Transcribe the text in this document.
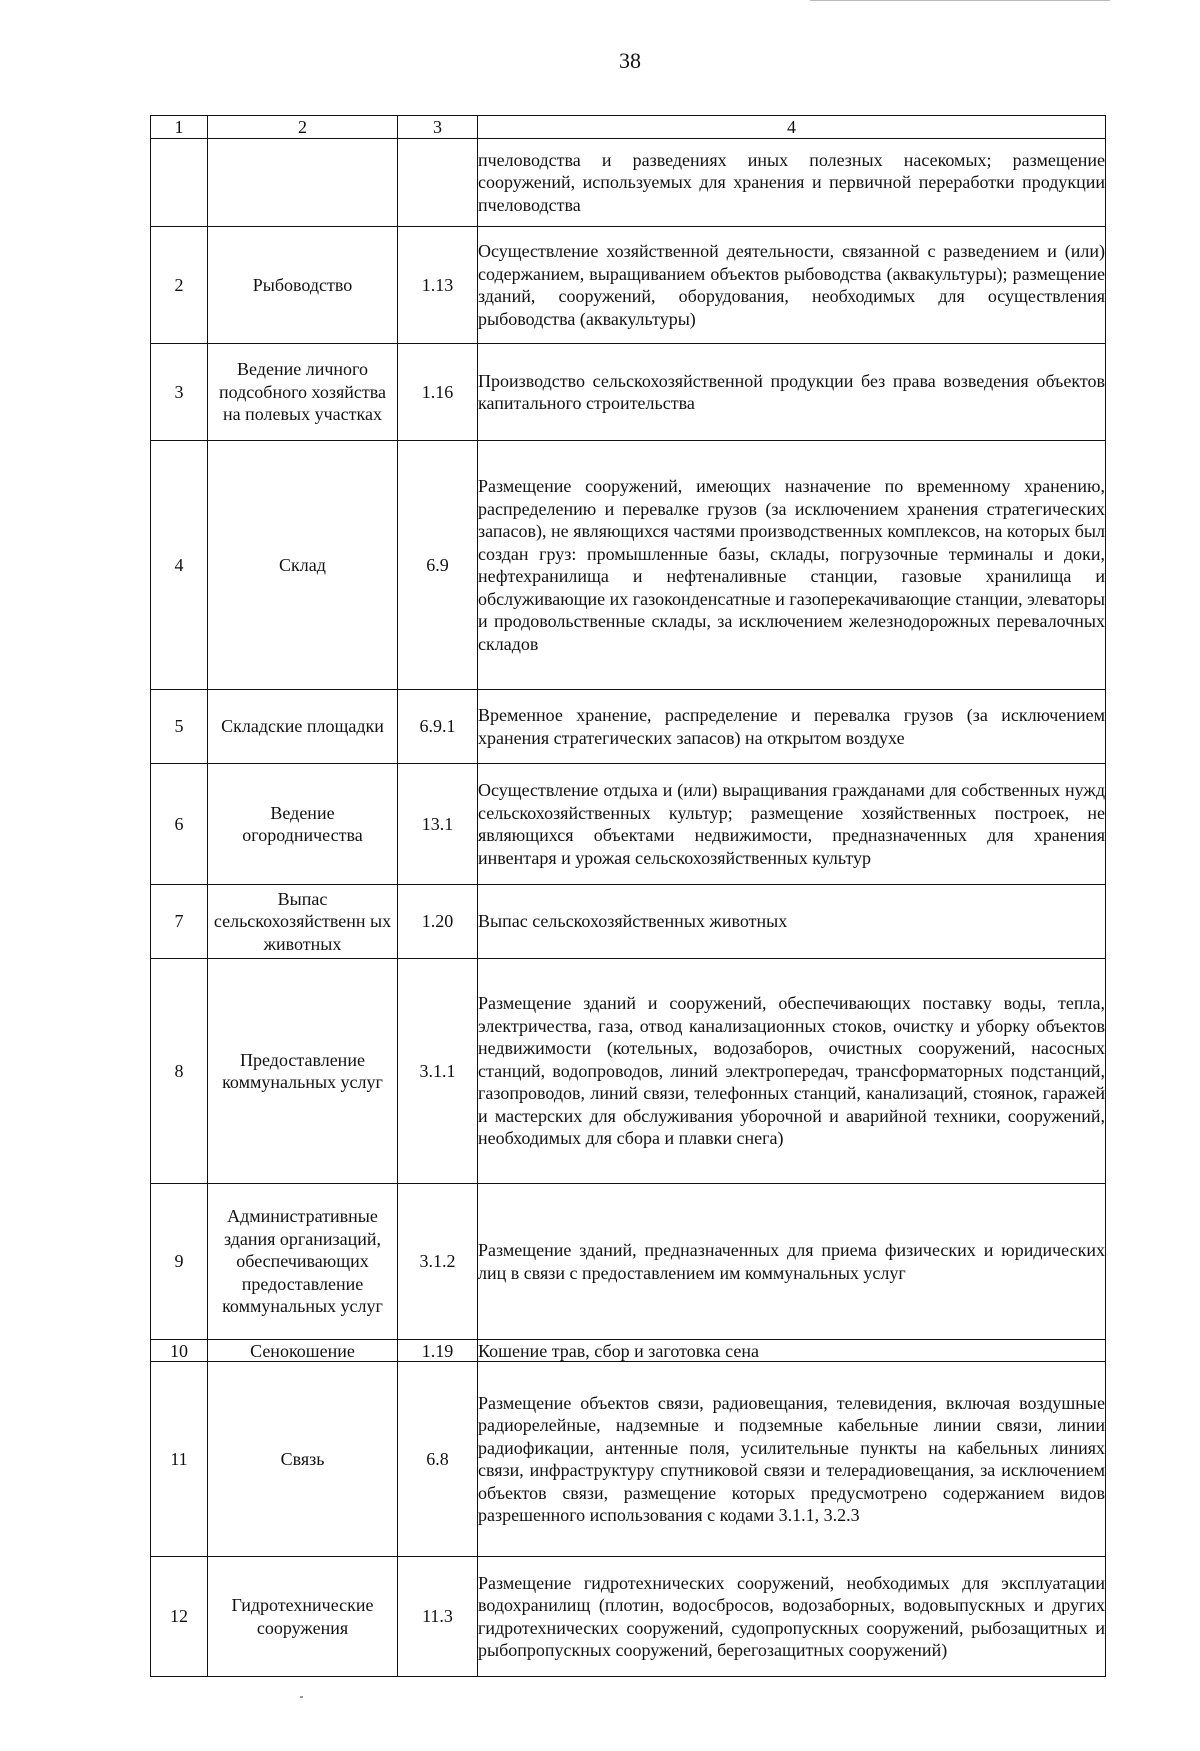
38
1	2	3	4
			пчеловодства и разведениях иных полезных насекомых; размещение сооружений, используемых для хранения и первичной переработки продукции пчеловодства
2	Рыбоводство	1.13	Осуществление хозяйственной деятельности, связанной с разведением и (или) содержанием, выращиванием объектов рыбоводства (аквакультуры); размещение зданий, сооружений, оборудования, необходимых для осуществления рыбоводства (аквакультуры)
3	Ведение личного подсобного хозяйства на полевых участках	1.16	Производство сельскохозяйственной продукции без права возведения объектов капитального строительства
4	Склад	6.9	Размещение сооружений, имеющих назначение по временному хранению, распределению и перевалке грузов (за исключением хранения стратегических запасов), не являющихся частями производственных комплексов, на которых был создан груз: промышленные базы, склады, погрузочные терминалы и доки, нефтехранилища и нефтеналивные станции, газовые хранилища и обслуживающие их газоконденсатные и газоперекачивающие станции, элеваторы и продовольственные склады, за исключением железнодорожных перевалочных складов
5	Складские площадки	6.9.1	Временное хранение, распределение и перевалка грузов (за исключением хранения стратегических запасов) на открытом воздухе
6	Ведение огородничества	13.1	Осуществление отдыха и (или) выращивания гражданами для собственных нужд сельскохозяйственных культур; размещение хозяйственных построек, не являющихся объектами недвижимости, предназначенных для хранения инвентаря и урожая сельскохозяйственных культур
7	Выпас сельскохозяйственн ых животных	1.20	Выпас сельскохозяйственных животных
8	Предоставление коммунальных услуг	3.1.1	Размещение зданий и сооружений, обеспечивающих поставку воды, тепла, электричества, газа, отвод канализационных стоков, очистку и уборку объектов недвижимости (котельных, водозаборов, очистных сооружений, насосных станций, водопроводов, линий электропередач, трансформаторных подстанций, газопроводов, линий связи, телефонных станций, канализаций, стоянок, гаражей и мастерских для обслуживания уборочной и аварийной техники, сооружений, необходимых для сбора и плавки снега)
9	Административные здания организаций, обеспечивающих предоставление коммунальных услуг	3.1.2	Размещение зданий, предназначенных для приема физических и юридических лиц в связи с предоставлением им коммунальных услуг
10	Сенокошение	1.19	Кошение трав, сбор и заготовка сена
11	Связь	6.8	Размещение объектов связи, радиовещания, телевидения, включая воздушные радиорелейные, надземные и подземные кабельные линии связи, линии радиофикации, антенные поля, усилительные пункты на кабельных линиях связи, инфраструктуру спутниковой связи и телерадиовещания, за исключением объектов связи, размещение которых предусмотрено содержанием видов разрешенного использования с кодами 3.1.1, 3.2.3
12	Гидротехнические сооружения	11.3	Размещение гидротехнических сооружений, необходимых для эксплуатации водохранилищ (плотин, водосбросов, водозаборных, водовыпускных и других гидротехнических сооружений, судопропускных сооружений, рыбозащитных и рыбопропускных сооружений, берегозащитных сооружений)
